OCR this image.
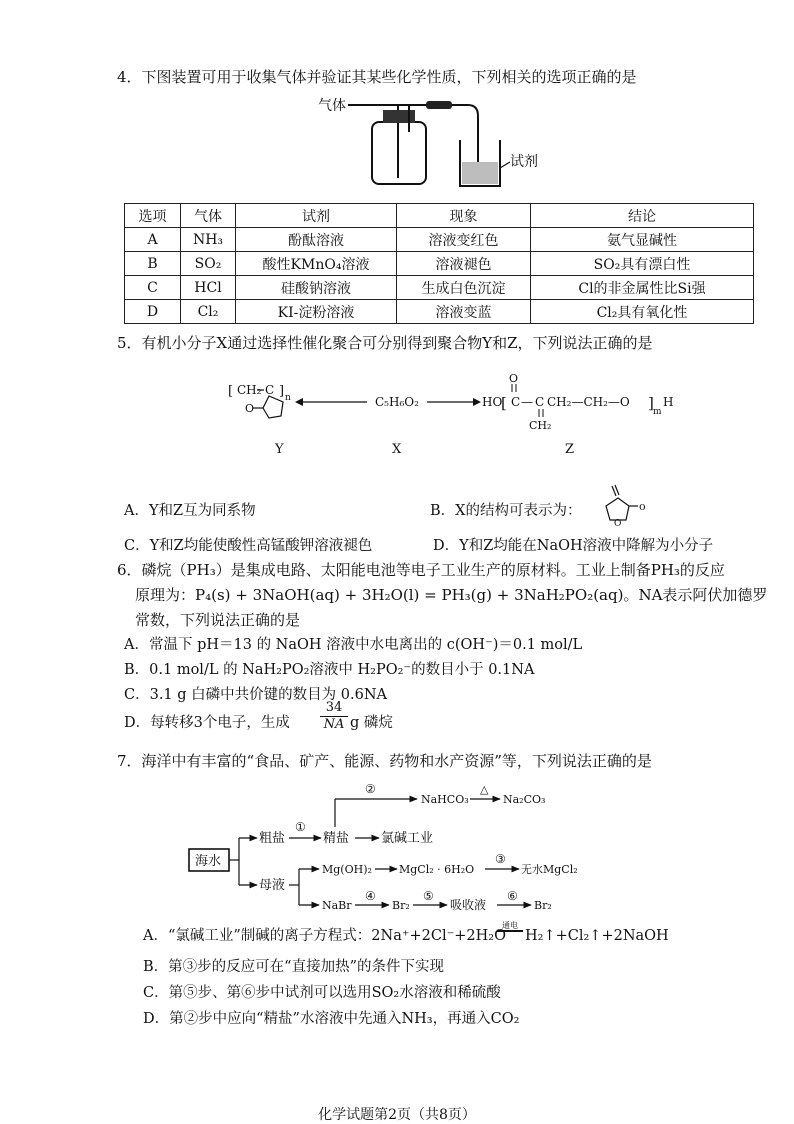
4．下图装置可用于收集气体并验证其某些化学性质，下列相关的选项正确的是
气体
试剂
选项	气体	试剂	现象	结论
A	NH₃	酚酞溶液	溶液变红色	氨气显碱性
B	SO₂	酸性KMnO₄溶液	溶液褪色	SO₂具有漂白性
C	HCl	硅酸钠溶液	生成白色沉淀	Cl的非金属性比Si强
D	Cl₂	KI-淀粉溶液	溶液变蓝	Cl₂具有氧化性
5．有机小分子X通过选择性催化聚合可分别得到聚合物Y和Z，下列说法正确的是
[ CH₂ C ] n
O	C₅H₆O₂	HO
[ C
O
— C
CH₂
CH₂—CH₂—O ] m
H
Y	X	Z
A．Y和Z互为同系物	B．X的结构可表示为：	o
O
C．Y和Z均能使酸性高锰酸钾溶液褪色	D．Y和Z均能在NaOH溶液中降解为小分子
6．磷烷（PH₃）是集成电路、太阳能电池等电子工业生产的原材料。工业上制备PH₃的反应
原理为：P₄(s) + 3NaOH(aq) + 3H₂O(l) = PH₃(g) + 3NaH₂PO₂(aq)。NA表示阿伏加德罗
常数，下列说法正确的是
A．常温下 pH＝13 的 NaOH 溶液中水电离出的 c(OH⁻)＝0.1 mol/L
B．0.1 mol/L 的 NaH₂PO₂溶液中 H₂PO₂⁻的数目小于 0.1NA
C．3.1 g 白磷中共价键的数目为 0.6NA
D．每转移3个电子，生成 $\frac{34}{NA}$ g 磷烷
7．海洋中有丰富的“食品、矿产、能源、药物和水产资源”等，下列说法正确的是
海水
粗盐
①
精盐 氯碱工业
②
NaHCO₃
△
Na₂CO₃
母液
Mg(OH)₂ MgCl₂ · 6H₂O
③
无水MgCl₂
NaBr
④
Br₂
⑤
吸收液
⑥
Br₂
A．“氯碱工业”制碱的离子方程式：2Na⁺+2Cl⁻+2H₂O
通电
H₂↑+Cl₂↑+2NaOH
B．第③步的反应可在“直接加热”的条件下实现
C．第⑤步、第⑥步中试剂可以选用SO₂水溶液和稀硫酸
D．第②步中应向“精盐”水溶液中先通入NH₃，再通入CO₂
化学试题第2页（共8页）
